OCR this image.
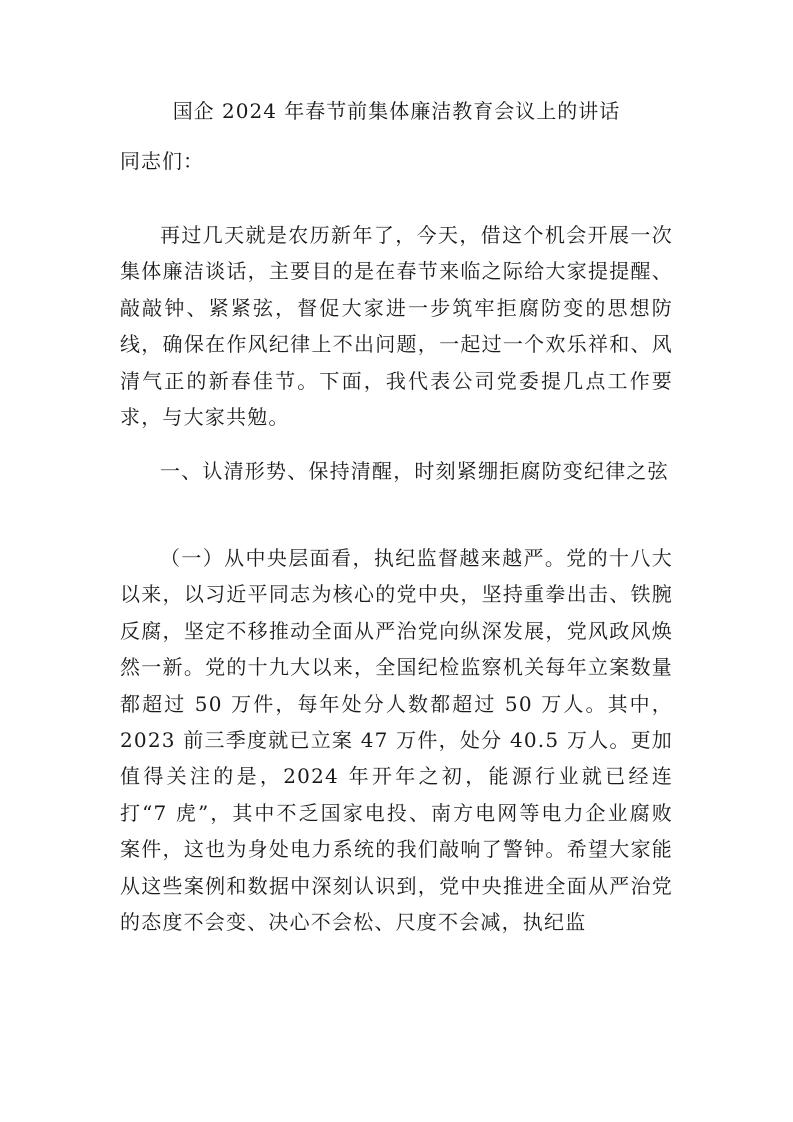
国企 2024 年春节前集体廉洁教育会议上的讲话
同志们：

再过几天就是农历新年了，今天，借这个机会开展一次集体廉洁谈话，主要目的是在春节来临之际给大家提提醒、敲敲钟、紧紧弦，督促大家进一步筑牢拒腐防变的思想防线，确保在作风纪律上不出问题，一起过一个欢乐祥和、风清气正的新春佳节。下面，我代表公司党委提几点工作要求，与大家共勉。

一、认清形势、保持清醒，时刻紧绷拒腐防变纪律之弦

（一）从中央层面看，执纪监督越来越严。党的十八大以来，以习近平同志为核心的党中央，坚持重拳出击、铁腕反腐，坚定不移推动全面从严治党向纵深发展，党风政风焕然一新。党的十九大以来，全国纪检监察机关每年立案数量都超过 50 万件，每年处分人数都超过 50 万人。其中，2023 前三季度就已立案 47 万件，处分 40.5 万人。更加值得关注的是，2024 年开年之初，能源行业就已经连打“7 虎”，其中不乏国家电投、南方电网等电力企业腐败案件，这也为身处电力系统的我们敲响了警钟。希望大家能从这些案例和数据中深刻认识到，党中央推进全面从严治党的态度不会变、决心不会松、尺度不会减，执纪监
